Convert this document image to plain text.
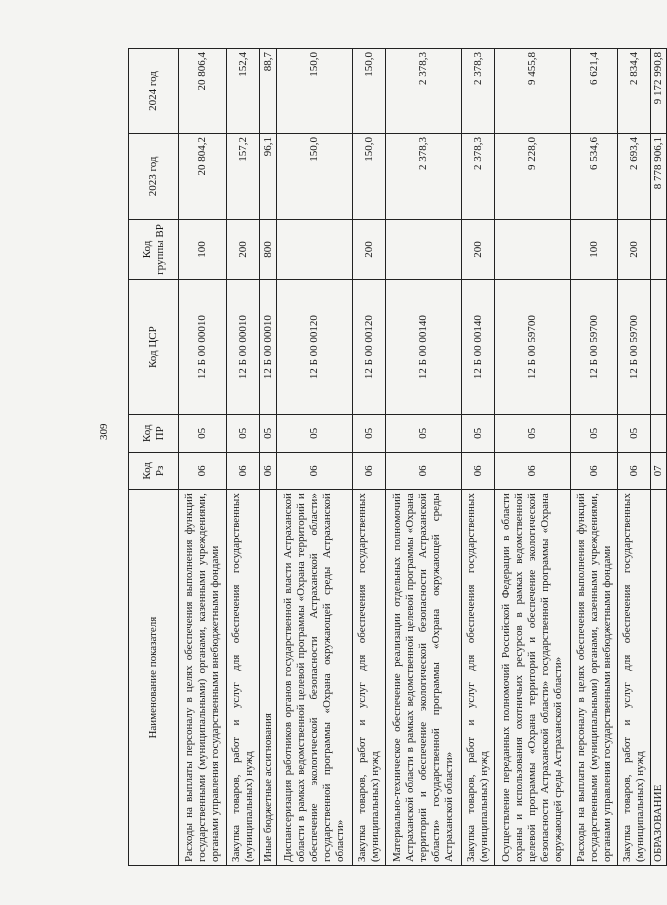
309
Наименование показателя	Код Рз	Код ПР	Код ЦСР	Код группы ВР	2023 год	2024 год
Расходы на выплаты персоналу в целях обеспечения выполнения функций государственными (муниципальными) органами, казенными учреждениями, органами управления государственными внебюджетными фондами	06	05	12 Б 00 00010	100	20 804,2	20 806,4
Закупка товаров, работ и услуг для обеспечения государственных (муниципальных) нужд	06	05	12 Б 00 00010	200	157,2	152,4
Иные бюджетные ассигнования	06	05	12 Б 00 00010	800	96,1	88,7
Диспансеризация работников органов государственной власти Астраханской области в рамках ведомственной целевой программы «Охрана территорий и обеспечение экологической безопасности Астраханской области» государственной программы «Охрана окружающей среды Астраханской области»	06	05	12 Б 00 00120		150,0	150,0
Закупка товаров, работ и услуг для обеспечения государственных (муниципальных) нужд	06	05	12 Б 00 00120	200	150,0	150,0
Материально-техническое обеспечение реализации отдельных полномочий Астраханской области в рамках ведомственной целевой программы «Охрана территорий и обеспечение экологической безопасности Астраханской области» государственной программы «Охрана окружающей среды Астраханской области»	06	05	12 Б 00 00140		2 378,3	2 378,3
Закупка товаров, работ и услуг для обеспечения государственных (муниципальных) нужд	06	05	12 Б 00 00140	200	2 378,3	2 378,3
Осуществление переданных полномочий Российской Федерации в области охраны и использования охотничьих ресурсов в рамках ведомственной целевой программы «Охрана территорий и обеспечение экологической безопасности Астраханской области» государственной программы «Охрана окружающей среды Астраханской области»	06	05	12 Б 00 59700		9 228,0	9 455,8
Расходы на выплаты персоналу в целях обеспечения выполнения функций государственными (муниципальными) органами, казенными учреждениями, органами управления государственными внебюджетными фондами	06	05	12 Б 00 59700	100	6 534,6	6 621,4
Закупка товаров, работ и услуг для обеспечения государственных (муниципальных) нужд	06	05	12 Б 00 59700	200	2 693,4	2 834,4
ОБРАЗОВАНИЕ	07				8 778 906,1	9 172 990,8
